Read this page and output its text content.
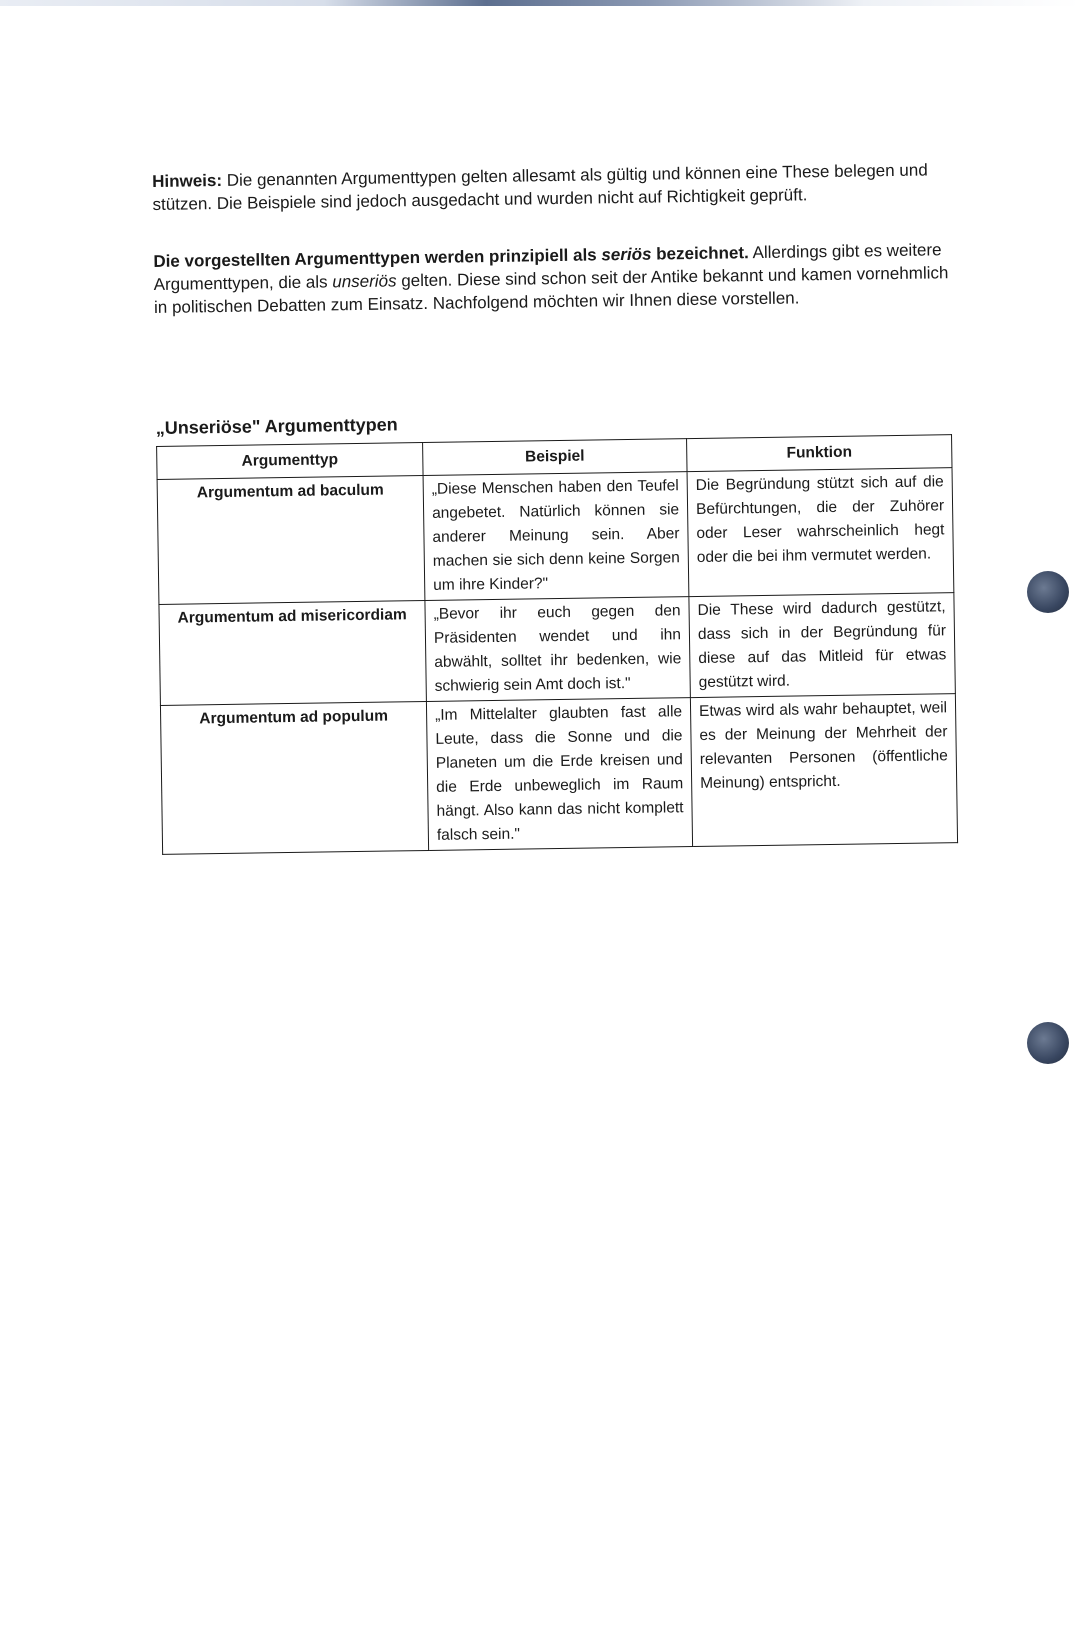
Hinweis: Die genannten Argumenttypen gelten allesamt als gültig und können eine These belegen und stützen. Die Beispiele sind jedoch ausgedacht und wurden nicht auf Richtigkeit geprüft.

Die vorgestellten Argumenttypen werden prinzipiell als seriös bezeichnet. Allerdings gibt es weitere Argumenttypen, die als unseriös gelten. Diese sind schon seit der Antike bekannt und kamen vornehmlich in politischen Debatten zum Einsatz. Nachfolgend möchten wir Ihnen diese vorstellen.

„Unseriöse" Argumenttypen
Argumenttyp	Beispiel	Funktion
Argumentum ad baculum	„Diese Menschen haben den Teufel angebetet. Natürlich können sie anderer Meinung sein. Aber machen sie sich denn keine Sorgen um ihre Kinder?"	Die Begründung stützt sich auf die Befürchtungen, die der Zuhörer oder Leser wahrscheinlich hegt oder die bei ihm vermutet werden.
Argumentum ad misericordiam	„Bevor ihr euch gegen den Präsidenten wendet und ihn abwählt, solltet ihr bedenken, wie schwierig sein Amt doch ist."	Die These wird dadurch gestützt, dass sich in der Begründung für diese auf das Mitleid für etwas gestützt wird.
Argumentum ad populum	„Im Mittelalter glaubten fast alle Leute, dass die Sonne und die Planeten um die Erde kreisen und die Erde unbeweglich im Raum hängt. Also kann das nicht komplett falsch sein."	Etwas wird als wahr behauptet, weil es der Meinung der Mehrheit der relevanten Personen (öffentliche Meinung) entspricht.
